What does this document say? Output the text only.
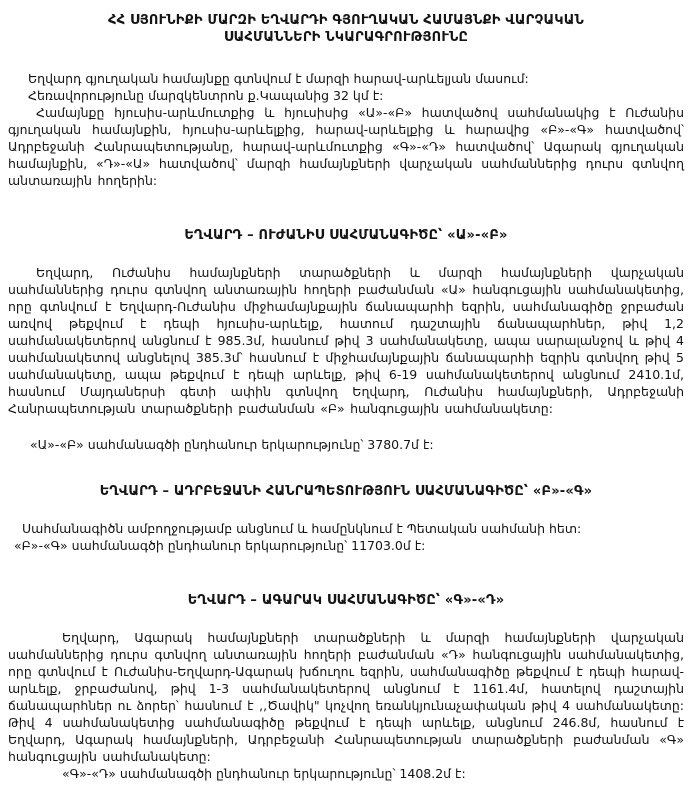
ՀՀ ՍՅՈՒՆԻՔԻ ՄԱՐԶԻ ԵՂՎԱՐԴԻ ԳՅՈՒՂԱԿԱՆ ՀԱՄԱՅՆՔԻ ՎԱՐՉԱԿԱՆ
ՍԱՀՄԱՆՆԵՐԻ ՆԿԱՐԱԳՐՈՒԹՅՈՒՆԸ

Եղվարդ գյուղական համայնքը գտնվում է մարզի հարավ-արևելյան մասում:

Հեռավորությունը մարզկենտրոն ք.Կապանից 32 կմ է:

Համայնքը հյուսիս-արևմուտքից և հյուսիսից «Ա»-«Բ» հատվածով սահմանակից է Ուժանիս գյուղական համայնքին, հյուսիս-արևելքից, հարավ-արևելքից և հարավից «Բ»-«Գ» հատվածով՝ Ադրբեջանի Հանրապետությանը, հարավ-արևմուտքից «Գ»-«Դ» հատվածով՝ Ագարակ գյուղական համայնքին, «Դ»-«Ա» հատվածով՝ մարզի համայնքների վարչական սահմաններից դուրս գտնվող անտառային հողերին:

ԵՂՎԱՐԴ – ՈՒԺԱՆԻՍ ՍԱՀՄԱՆԱԳԻԾԸ՝ «Ա»-«Բ»

Եղվարդ, Ուժանիս համայնքների տարածքների և մարզի համայնքների վարչական սահմաններից դուրս գտնվող անտառային հողերի բաժանման «Ա» հանգուցային սահմանակետից, որը գտնվում է Եղվարդ-Ուժանիս միջհամայնքային ճանապարհի եզրին, սահմանագիծը ջրբաժան առվով թեքվում է դեպի հյուսիս-արևելք, հատում դաշտային ճանապարհներ, թիվ 1,2 սահմանակետերով անցնում է 985.3մ, հասնում թիվ 3 սահմանակետը, ապա սարալանջով և թիվ 4 սահմանակետով անցնելով 385.3մ՝ հասնում է միջհամայնքային ճանապարհի եզրին գտնվող թիվ 5 սահմանակետը, ապա թեքվում է դեպի արևելք, թիվ 6-19 սահմանակետերով անցնում 2410.1մ, հասնում Մայդաներսի գետի ափին գտնվող Եղվարդ, Ուժանիս համայնքների, Ադրբեջանի Հանրապետության տարածքների բաժանման «Բ» հանգուցային սահմանակետը:

«Ա»-«Բ» սահմանագծի ընդհանուր երկարությունը՝ 3780.7մ է:

ԵՂՎԱՐԴ – ԱԴՐԲԵՋԱՆԻ ՀԱՆՐԱՊԵՏՈՒԹՅՈՒՆ ՍԱՀՄԱՆԱԳԻԾԸ՝ «Բ»-«Գ»

Սահմանագիծն ամբողջությամբ անցնում և համընկնում է Պետական սահմանի հետ:

«Բ»-«Գ» սահմանագծի ընդհանուր երկարությունը՝ 11703.0մ է:

ԵՂՎԱՐԴ – ԱԳԱՐԱԿ ՍԱՀՄԱՆԱԳԻԾԸ՝ «Գ»-«Դ»

Եղվարդ, Ագարակ համայնքների տարածքների և մարզի համայնքների վարչական սահմաններից դուրս գտնվող անտառային հողերի բաժանման «Դ» հանգուցային սահմանակետից, որը գտնվում է Ուժանիս-Եղվարդ-Ագարակ խճուղու եզրին, սահմանագիծը թեքվում է դեպի հարավ-արևելք, ջրբաժանով, թիվ 1-3 սահմանակետերով անցնում է 1161.4մ, հատելով դաշտային ճանապարհներ ու ձորեր՝ հասնում է ,,Ծավիկ" կոչվող եռանկյունաչափական թիվ 4 սահմանակետը: Թիվ 4 սահմանակետից սահմանագիծը թեքվում է դեպի արևելք, անցնում 246.8մ, հասնում է Եղվարդ, Ագարակ համայնքների, Ադրբեջանի Հանրապետության տարածքների բաժանման «Գ» հանգուցային սահմանակետը:

«Գ»-«Դ» սահմանագծի ընդհանուր երկարությունը՝ 1408.2մ է:
